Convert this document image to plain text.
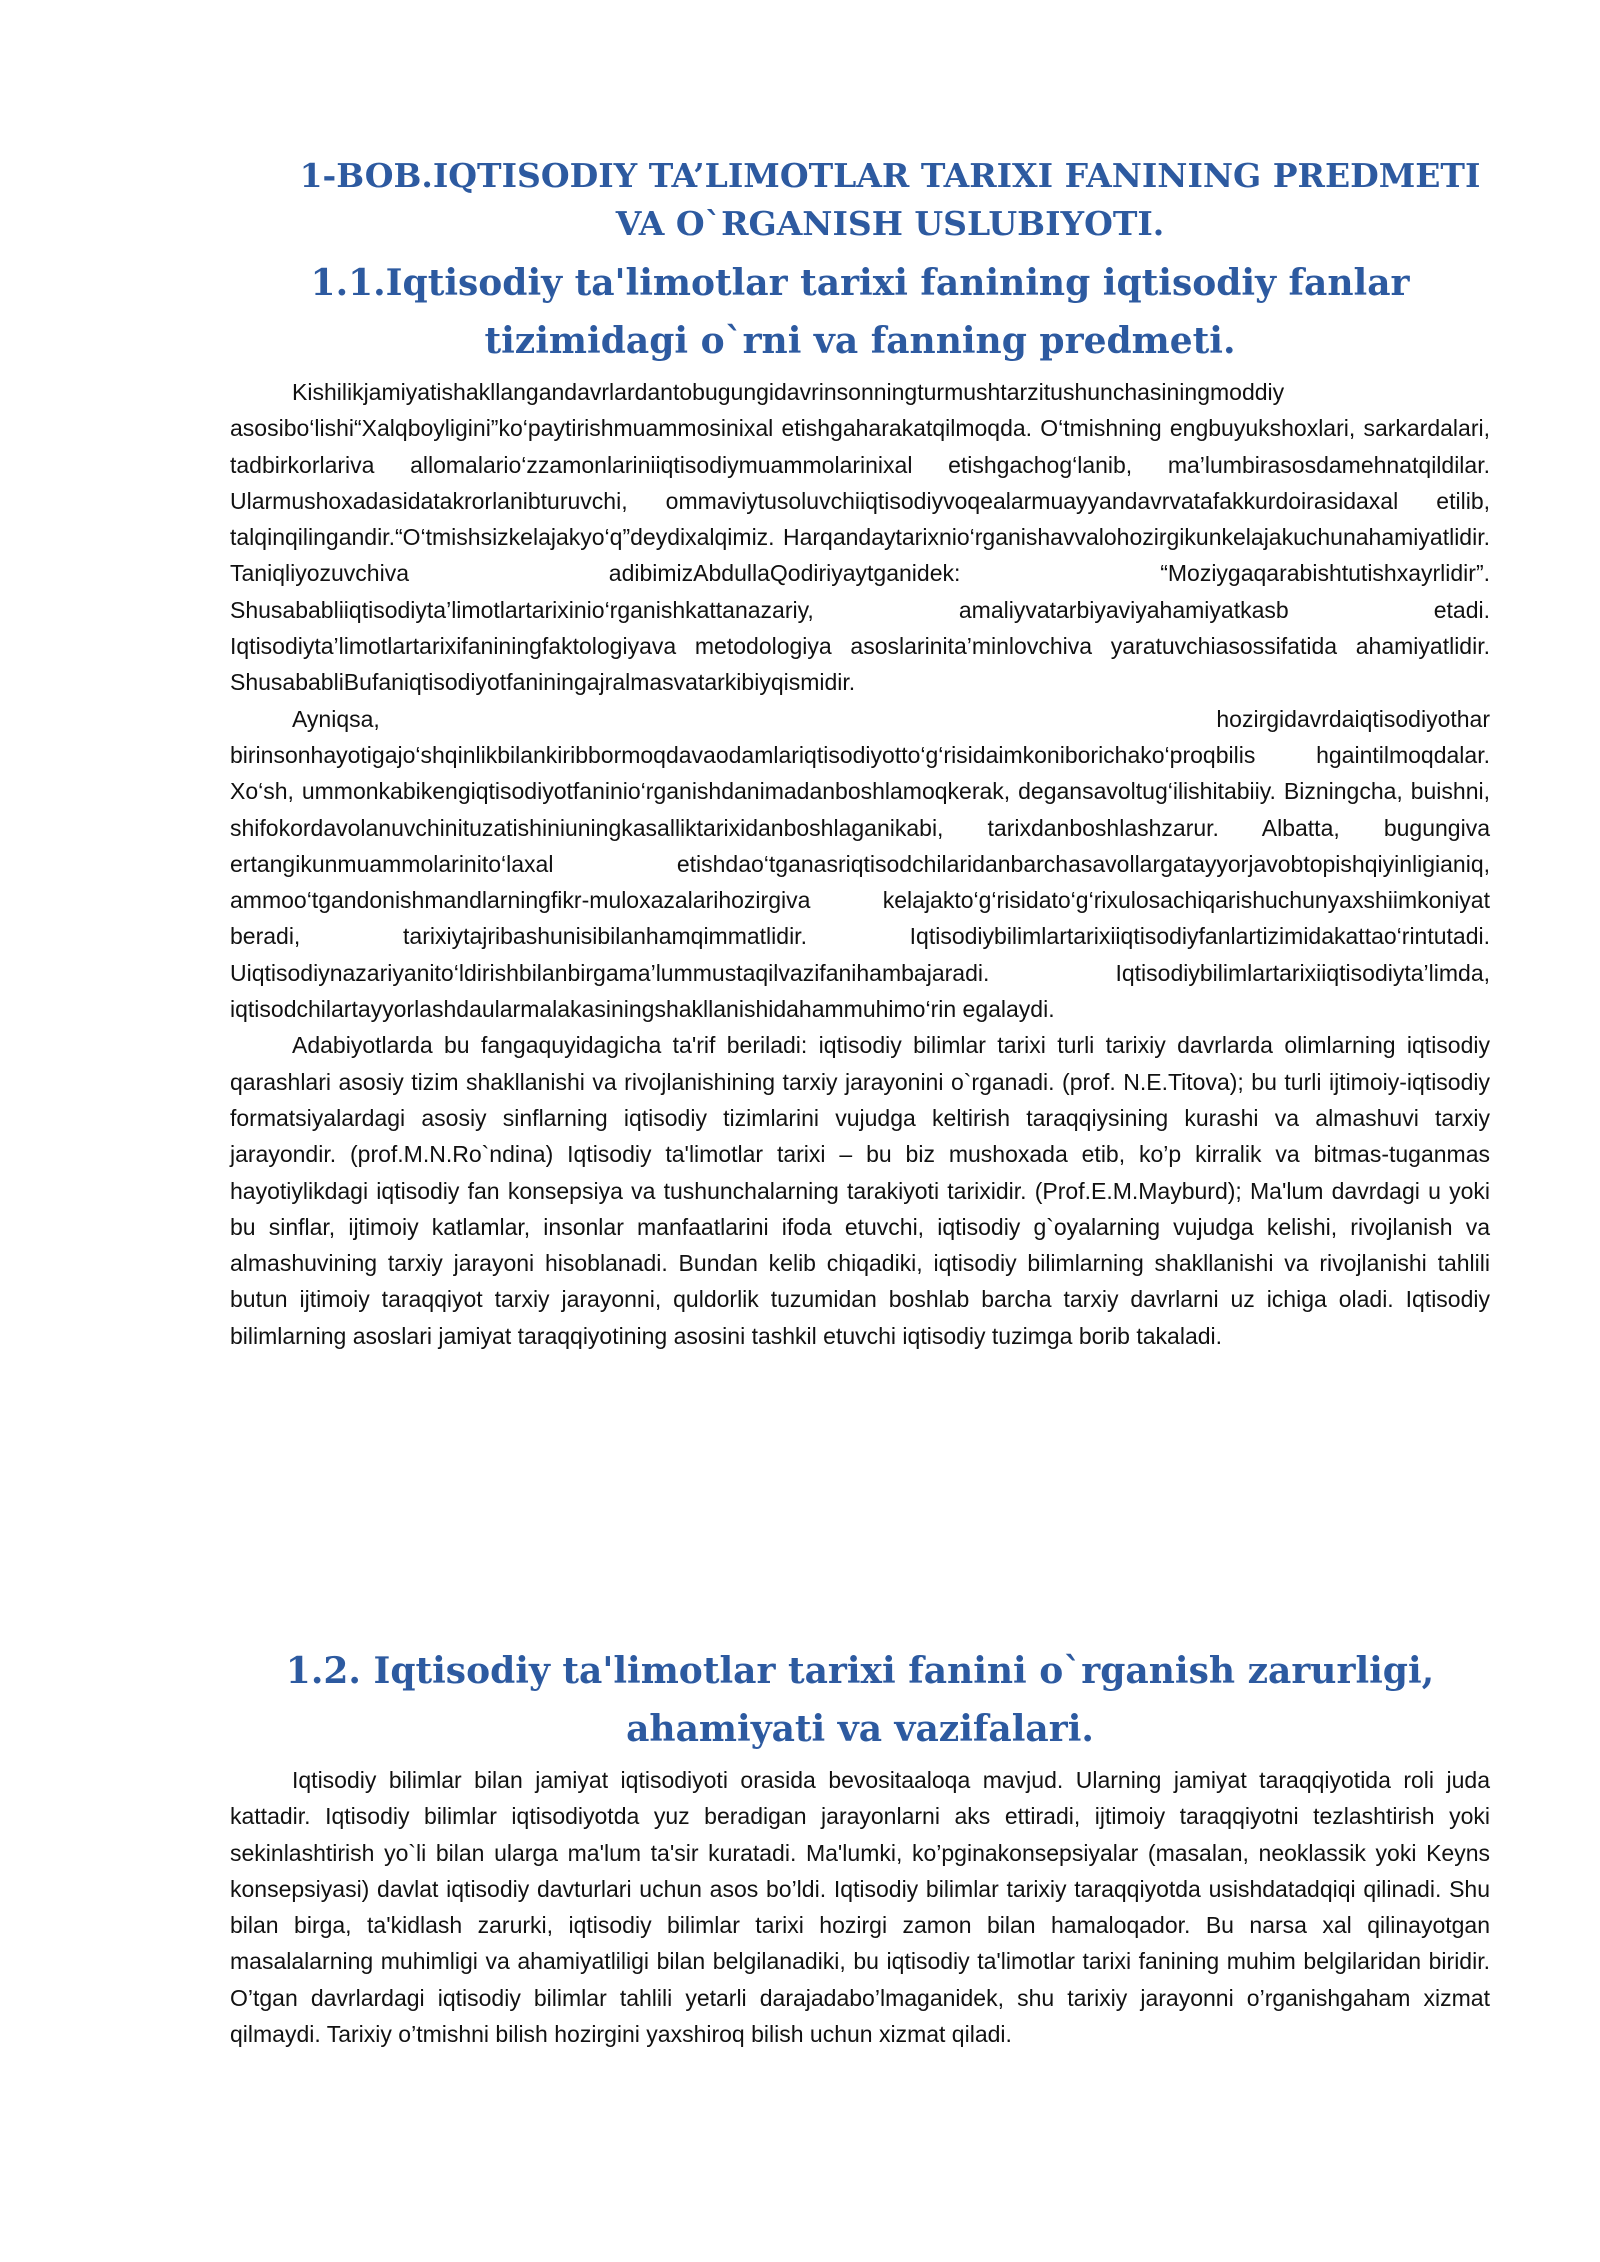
1-BOB.IQTISODIY TA’LIMOTLAR TARIXI FANINING PREDMETI
VA O`RGANISH USLUBIYOTI.
1.1.Iqtisodiy ta'limotlar tarixi fanining iqtisodiy fanlar
tizimidagi o`rni va fanning predmeti.

Kishilikjamiyatishakllangandavrlardantobugungidavrinsonningturmushtarzitushunchasiningmoddiy asosibo‘lishi“Xalqboyligini”ko‘paytirishmuammosinixal etishgaharakatqilmoqda. O‘tmishning engbuyukshoxlari, sarkardalari, tadbirkorlariva allomalario‘zzamonlariniiqtisodiymuammolarinixal etishgachog‘lanib, ma’lumbirasosdamehnatqildilar. Ularmushoxadasidatakrorlanibturuvchi, ommaviytusoluvchiiqtisodiyvoqealarmuayyandavrvatafakkurdoirasidaxal etilib, talqinqilingandir.“O‘tmishsizkelajakyo‘q”deydixalqimiz. Harqandaytarixnio‘rganishavvalohozirgikunkelajakuchunahamiyatlidir. Taniqliyozuvchiva adibimizAbdullaQodiriyaytganidek: “Moziygaqarabishtutishxayrlidir”. Shusababliiqtisodiyta’limotlartarixinio‘rganishkattanazariy, amaliyvatarbiyaviyahamiyatkasb etadi. Iqtisodiyta’limotlartarixifaniningfaktologiyava metodologiya asoslarinita’minlovchiva yaratuvchiasossifatida ahamiyatlidir. ShusababliBufaniqtisodiyotfaniningajralmasvatarkibiyqismidir.

Ayniqsa, hozirgidavrdaiqtisodiyothar birinsonhayotigajo‘shqinlikbilankiribbormoqdavaodamlariqtisodiyotto‘g‘risidaimkoniborichako‘proqbilis hgaintilmoqdalar. Xo‘sh, ummonkabikengiqtisodiyotfaninio‘rganishdanimadanboshlamoqkerak, degansavoltug‘ilishitabiiy. Bizningcha, buishni, shifokordavolanuvchinituzatishiniuningkasalliktarixidanboshlaganikabi, tarixdanboshlashzarur. Albatta, bugungiva ertangikunmuammolarinito‘laxal etishdao‘tganasriqtisodchilaridanbarchasavollargatayyorjavobtopishqiyinligianiq, ammoo‘tgandonishmandlarningfikr-muloxazalarihozirgiva kelajakto‘g‘risidato‘g‘rixulosachiqarishuchunyaxshiimkoniyat beradi, tarixiytajribashunisibilanhamqimmatlidir. Iqtisodiybilimlartarixiiqtisodiyfanlartizimidakattao‘rintutadi. Uiqtisodiynazariyanito‘ldirishbilanbirgama’lummustaqilvazifanihambajaradi. Iqtisodiybilimlartarixiiqtisodiyta’limda, iqtisodchilartayyorlashdaularmalakasiningshakllanishidahammuhimo‘rin egalaydi.

Adabiyotlarda bu fangaquyidagicha ta'rif beriladi: iqtisodiy bilimlar tarixi turli tarixiy davrlarda olimlarning iqtisodiy qarashlari asosiy tizim shakllanishi va rivojlanishining tarxiy jarayonini o`rganadi. (prof. N.E.Titova); bu turli ijtimoiy-iqtisodiy formatsiyalardagi asosiy sinflarning iqtisodiy tizimlarini vujudga keltirish taraqqiysining kurashi va almashuvi tarxiy jarayondir. (prof.M.N.Ro`ndina) Iqtisodiy ta'limotlar tarixi – bu biz mushoxada etib, ko’p kirralik va bitmas-tuganmas hayotiylikdagi iqtisodiy fan konsepsiya va tushunchalarning tarakiyoti tarixidir. (Prof.E.M.Mayburd); Ma'lum davrdagi u yoki bu sinflar, ijtimoiy katlamlar, insonlar manfaatlarini ifoda etuvchi, iqtisodiy g`oyalarning vujudga kelishi, rivojlanish va almashuvining tarxiy jarayoni hisoblanadi. Bundan kelib chiqadiki, iqtisodiy bilimlarning shakllanishi va rivojlanishi tahlili butun ijtimoiy taraqqiyot tarxiy jarayonni, quldorlik tuzumidan boshlab barcha tarxiy davrlarni uz ichiga oladi. Iqtisodiy bilimlarning asoslari jamiyat taraqqiyotining asosini tashkil etuvchi iqtisodiy tuzimga borib takaladi.

1.2. Iqtisodiy ta'limotlar tarixi fanini o`rganish zarurligi,
ahamiyati va vazifalari.

Iqtisodiy bilimlar bilan jamiyat iqtisodiyoti orasida bevositaaloqa mavjud. Ularning jamiyat taraqqiyotida roli juda kattadir. Iqtisodiy bilimlar iqtisodiyotda yuz beradigan jarayonlarni aks ettiradi, ijtimoiy taraqqiyotni tezlashtirish yoki sekinlashtirish yo`li bilan ularga ma'lum ta'sir kuratadi. Ma'lumki, ko’pginakonsepsiyalar (masalan, neoklassik yoki Keyns konsepsiyasi) davlat iqtisodiy davturlari uchun asos bo’ldi. Iqtisodiy bilimlar tarixiy taraqqiyotda usishdatadqiqi qilinadi. Shu bilan birga, ta'kidlash zarurki, iqtisodiy bilimlar tarixi hozirgi zamon bilan hamaloqador. Bu narsa xal qilinayotgan masalalarning muhimligi va ahamiyatliligi bilan belgilanadiki, bu iqtisodiy ta'limotlar tarixi fanining muhim belgilaridan biridir. O’tgan davrlardagi iqtisodiy bilimlar tahlili yetarli darajadabo’lmaganidek, shu tarixiy jarayonni o’rganishgaham xizmat qilmaydi. Tarixiy o’tmishni bilish hozirgini yaxshiroq bilish uchun xizmat qiladi.
